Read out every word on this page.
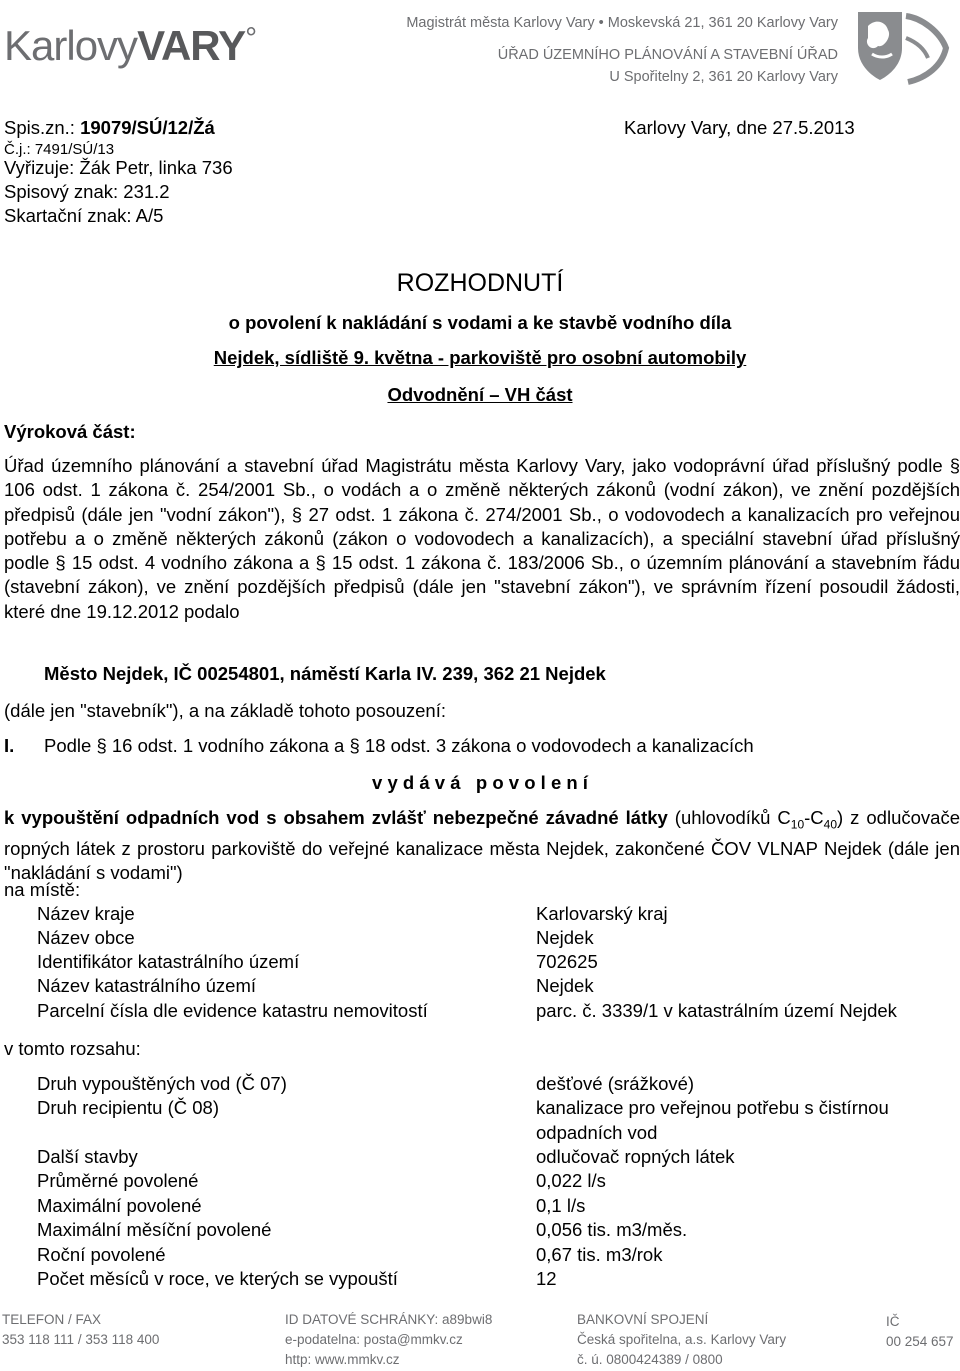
KarlovyVARY°	Magistrát města Karlovy Vary • Moskevská 21, 361 20 Karlovy Vary
ÚŘAD ÚZEMNÍHO PLÁNOVÁNÍ A STAVEBNÍ ÚŘAD
U Spořitelny 2, 361 20 Karlovy Vary
Spis.zn.: 19079/SÚ/12/Žá	Karlovy Vary, dne 27.5.2013
Č.j.: 7491/SÚ/13
Vyřizuje: Žák Petr, linka 736
Spisový znak: 231.2
Skartační znak: A/5
ROZHODNUTÍ
o povolení k nakládání s vodami a ke stavbě vodního díla
Nejdek, sídliště 9. května - parkoviště pro osobní automobily
Odvodnění – VH část
Výroková část:

Úřad územního plánování a stavební úřad Magistrátu města Karlovy Vary, jako vodoprávní úřad příslušný podle § 106 odst. 1 zákona č. 254/2001 Sb., o vodách a o změně některých zákonů (vodní zákon), ve znění pozdějších předpisů (dále jen "vodní zákon"), § 27 odst. 1 zákona č. 274/2001 Sb., o vodovodech a kanalizacích pro veřejnou potřebu a o změně některých zákonů (zákon o vodovodech a kanalizacích), a speciální stavební úřad příslušný podle § 15 odst. 4 vodního zákona a § 15 odst. 1 zákona č. 183/2006 Sb., o územním plánování a stavebním řádu (stavební zákon), ve znění pozdějších předpisů (dále jen "stavební zákon"), ve správním řízení posoudil žádosti, které dne 19.12.2012 podalo

Město Nejdek, IČ 00254801, náměstí Karla IV. 239, 362 21 Nejdek
(dále jen "stavebník"), a na základě tohoto posouzení:
I. Podle § 16 odst. 1 vodního zákona a § 18 odst. 3 zákona o vodovodech a kanalizacích
v y d á v á   p o v o l e n í

k vypouštění odpadních vod s obsahem zvlášť nebezpečné závadné látky (uhlovodíků $C_{10}-C_{40}$) z odlučovače ropných látek z prostoru parkoviště do veřejné kanalizace města Nejdek, zakončené ČOV VLNAP Nejdek (dále jen "nakládání s vodami")

na místě:
Název kraje	Karlovarský kraj
Název obce	Nejdek
Identifikátor katastrálního území	702625
Název katastrálního území	Nejdek
Parcelní čísla dle evidence katastru nemovitostí	parc. č. 3339/1 v katastrálním území Nejdek
v tomto rozsahu:
Druh vypouštěných vod (Č 07)	dešťové (srážkové)
Druh recipientu (Č 08)	kanalizace pro veřejnou potřebu s čistírnou
odpadních vod
Další stavby	odlučovač ropných látek
Průměrné povolené	0,022 l/s
Maximální povolené	0,1 l/s
Maximální měsíční povolené	0,056 tis. m3/měs.
Roční povolené	0,67 tis. m3/rok
Počet měsíců v roce, ve kterých se vypouští	12
TELEFON / FAX
353 118 111 / 353 118 400
ID DATOVÉ SCHRÁNKY: a89bwi8
e-podatelna: posta@mmkv.cz
http: www.mmkv.cz
BANKOVNÍ SPOJENÍ
Česká spořitelna, a.s. Karlovy Vary
č. ú. 0800424389 / 0800
IČ
00 254 657
